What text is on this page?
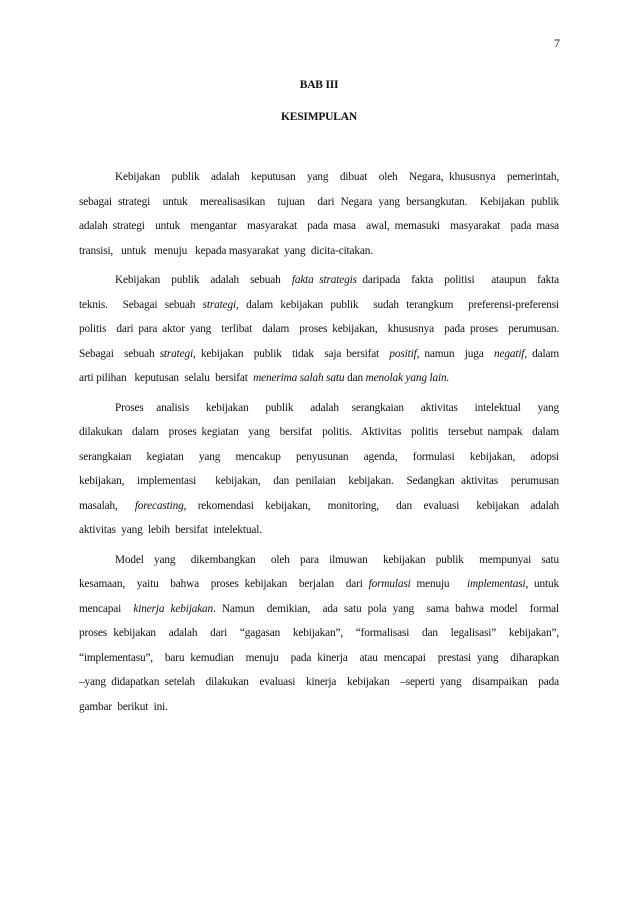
7
BAB III
KESIMPULAN
Kebijakan  publik  adalah  keputusan  yang  dibuat  oleh  Negara, khususnya  pemerintah,
sebagai strategi  untuk  merealisasikan  tujuan  dari Negara yang bersangkutan.  Kebijakan publik
adalah strategi  untuk  mengantar  masyarakat  pada masa  awal, memasuki  masyarakat  pada masa
transisi,   untuk   menuju   kepada masyarakat  yang  dicita-citakan.
Kebijakan  publik  adalah  sebuah  fakta strategis daripada  fakta  politisi   ataupun  fakta
teknis.  Sebagai sebuah strategi, dalam kebijakan publik  sudah terangkum  preferensi-preferensi
politis  dari para aktor yang  terlibat  dalam  proses kebijakan,  khususnya  pada proses  perumusan.
Sebagai  sebuah strategi, kebijakan  publik  tidak  saja bersifat  positif, namun  juga  negatif, dalam
arti pilihan   keputusan  selalu  bersifat  menerima salah satu dan menolak yang lain.
Proses   analisis    kebijakan    publik    adalah   serangkaian    aktivitas    intelektual    yang
dilakukan  dalam  proses kegiatan  yang  bersifat  politis.  Aktivitas  politis  tersebut nampak  dalam
serangkaian   kegiatan   yang   mencakup   penyusunan   agenda,   formulasi   kebijakan,   adopsi
kebijakan,  implementasi   kebijakan,  dan penilaian  kebijakan.  Sedangkan aktivitas  perumusan
masalah,   forecasting,  rekomendasi  kebijakan,   monitoring,   dan  evaluasi   kebijakan  adalah
aktivitas  yang  lebih  bersifat  intelektual.
Model  yang   dikembangkan   oleh  para  ilmuwan   kebijakan  publik   mempunyai  satu
kesamaan,  yaitu  bahwa  proses kebijakan  berjalan  dari formulasi menuju   implementasi, untuk
mencapai  kinerja kebijakan. Namun  demikian,  ada satu pola yang  sama bahwa model  formal
proses kebijakan  adalah  dari  “gagasan  kebijakan”,  “formalisasi  dan  legalisasi”  kebijakan”,
“implementasu”,  baru kemudian  menuju  pada kinerja  atau mencapai  prestasi yang  diharapkan
–yang didapatkan setelah  dilakukan  evaluasi  kinerja  kebijakan  –seperti yang  disampaikan  pada
gambar  berikut  ini.
